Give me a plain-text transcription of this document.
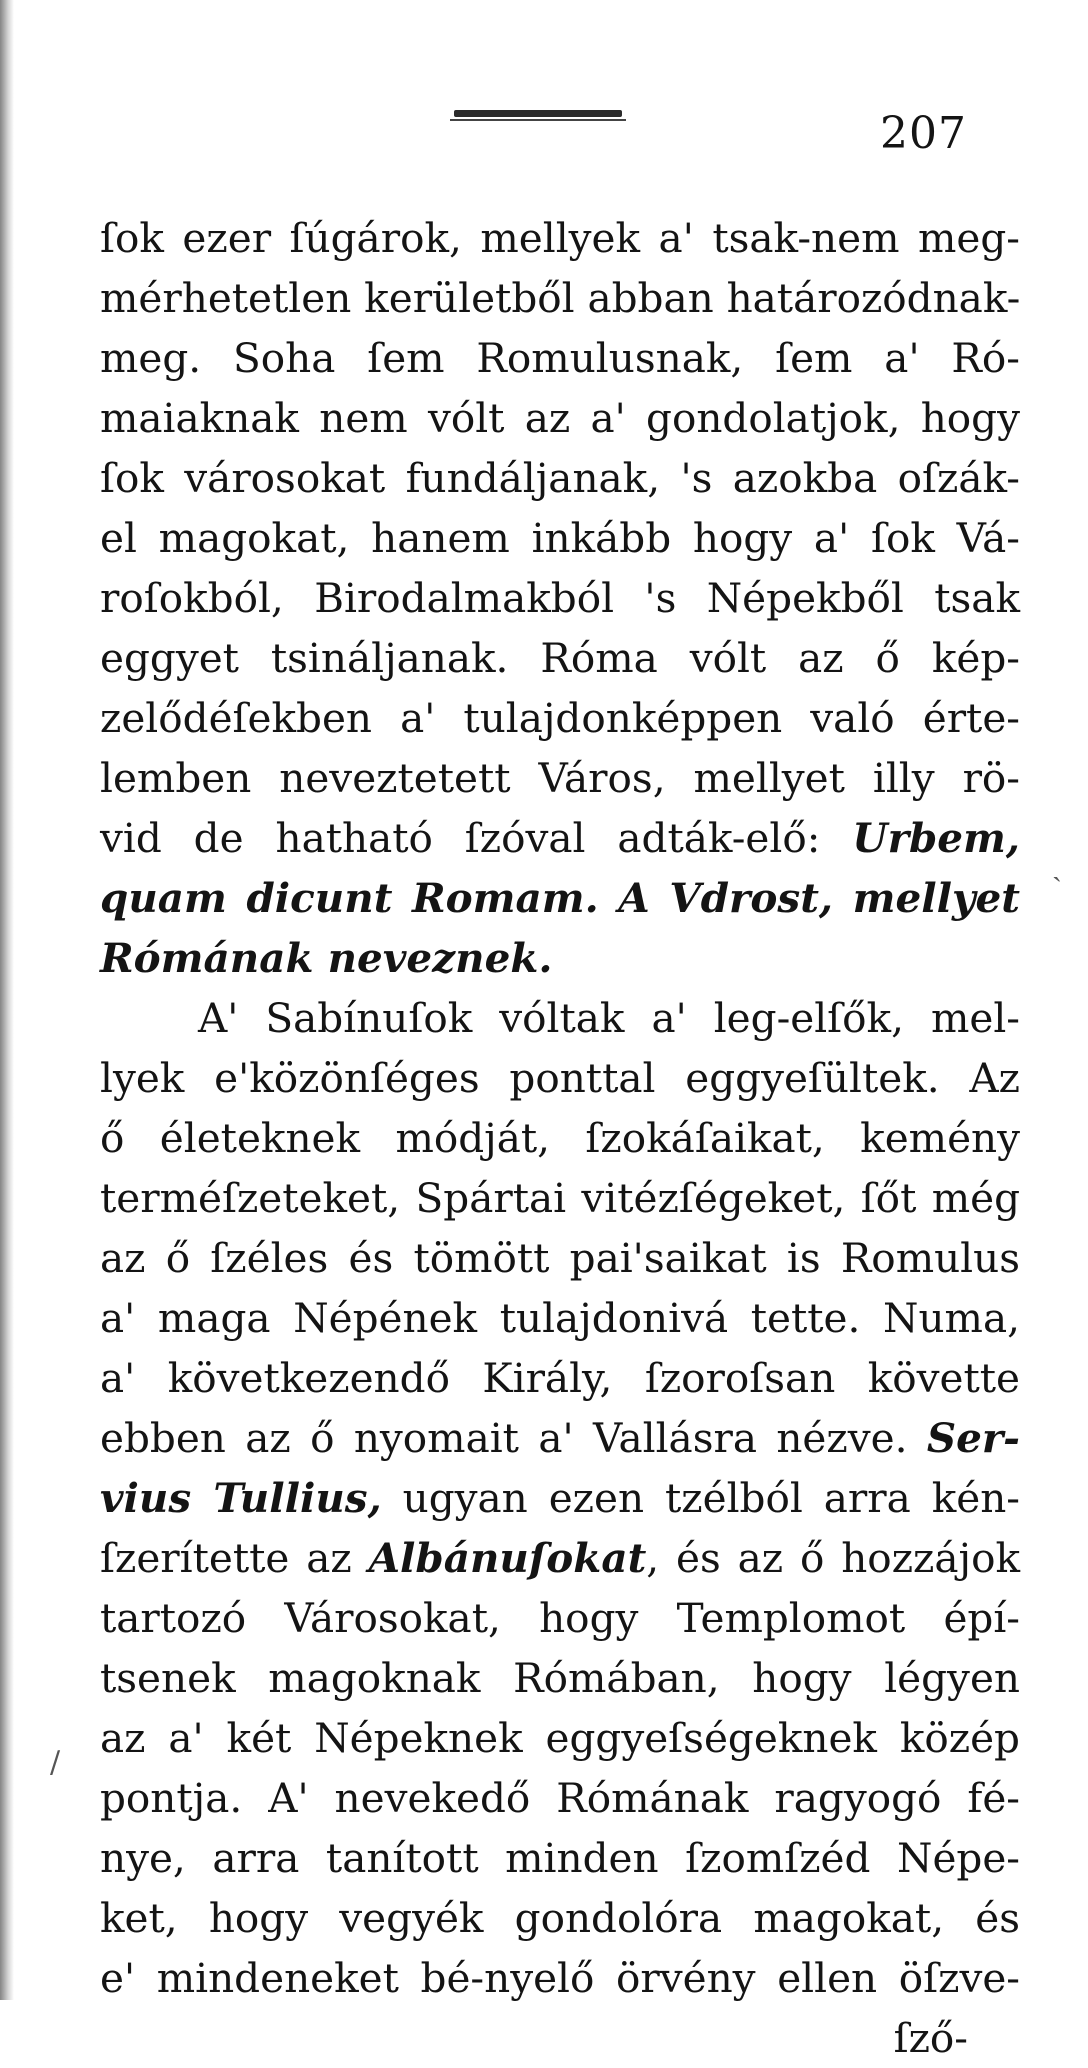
207
ſok ezer ſúgárok, mellyek a' tsak-nem meg-
mérhetetlen kerületből abban határozódnak-
meg. Soha ſem Romulusnak, ſem a' Ró-
maiaknak nem vólt az a' gondolatjok, hogy
ſok városokat fundáljanak, 's azokba oſzák-
el magokat, hanem inkább hogy a' ſok Vá-
roſokból, Birodalmakból 's Népekből tsak
eggyet tsináljanak. Róma vólt az ő kép-
zelődéſekben a' tulajdonképpen való érte-
lemben neveztetett Város, mellyet illy rö-
vid de hatható ſzóval adták-elő: Urbem,
quam dicunt Romam. A Vdrost, mellyet
Rómának neveznek.
A' Sabínuſok vóltak a' leg-elſők, mel-
lyek e'közönſéges ponttal eggyeſültek. Az
ő életeknek módját, ſzokáſaikat, kemény
terméſzeteket, Spártai vitézſégeket, ſőt még
az ő ſzéles és tömött pai'saikat is Romulus
a' maga Népének tulajdonivá tette. Numa,
a' következendő Király, ſzoroſsan követte
ebben az ő nyomait a' Vallásra nézve. Ser-
vius Tullius, ugyan ezen tzélból arra kén-
ſzerítette az Albánuſokat, és az ő hozzájok
tartozó Városokat, hogy Templomot épí-
tsenek magoknak Rómában, hogy légyen
az a' két Népeknek eggyeſségeknek közép
pontja. A' nevekedő Rómának ragyogó fé-
nye, arra tanított minden ſzomſzéd Népe-
ket, hogy vegyék gondolóra magokat, és
e' mindeneket bé-nyelő örvény ellen öſzve-
ſző-
ˎ
/
